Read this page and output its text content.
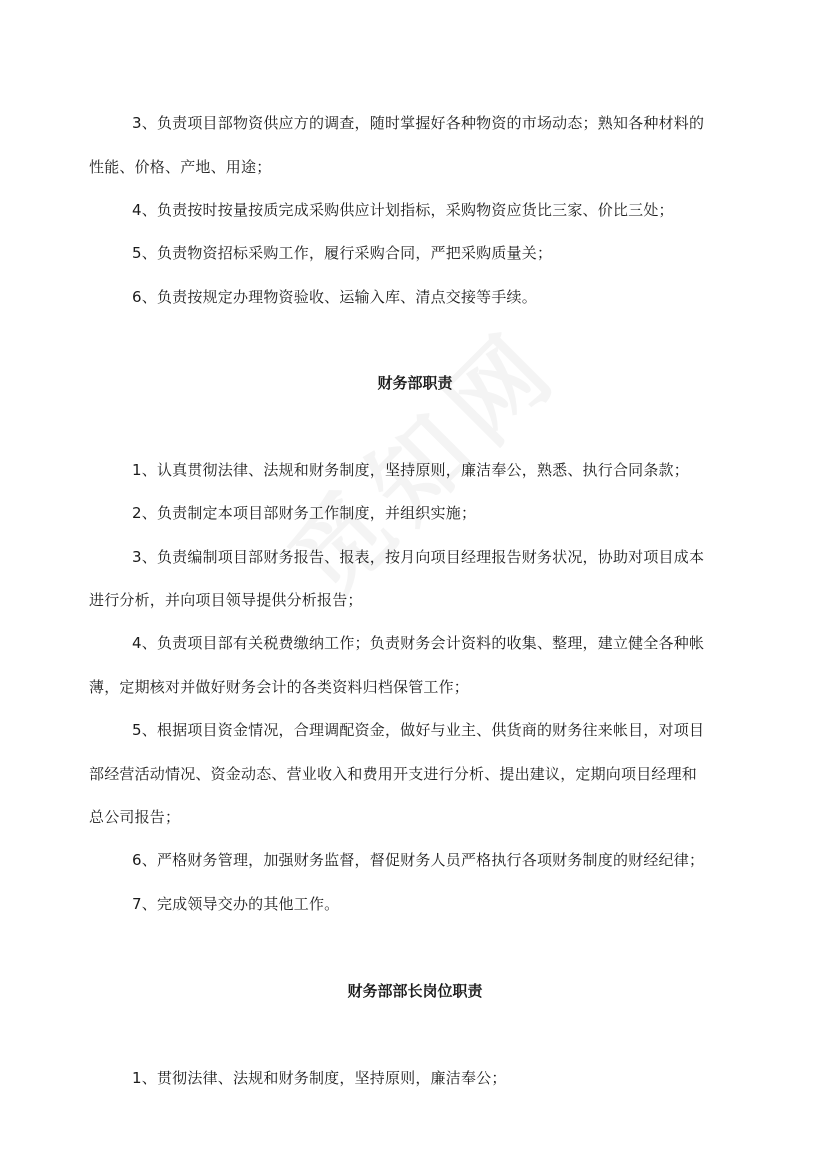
3、负责项目部物资供应方的调查，随时掌握好各种物资的市场动态；熟知各种材料的
性能、价格、产地、用途；
4、负责按时按量按质完成采购供应计划指标，采购物资应货比三家、价比三处；
5、负责物资招标采购工作，履行采购合同，严把采购质量关；
6、负责按规定办理物资验收、运输入库、清点交接等手续。
财务部职责
1、认真贯彻法律、法规和财务制度，坚持原则，廉洁奉公，熟悉、执行合同条款；
2、负责制定本项目部财务工作制度，并组织实施；
3、负责编制项目部财务报告、报表，按月向项目经理报告财务状况，协助对项目成本
进行分析，并向项目领导提供分析报告；
4、负责项目部有关税费缴纳工作；负责财务会计资料的收集、整理，建立健全各种帐
薄，定期核对并做好财务会计的各类资料归档保管工作；
5、根据项目资金情况，合理调配资金，做好与业主、供货商的财务往来帐目，对项目
部经营活动情况、资金动态、营业收入和费用开支进行分析、提出建议，定期向项目经理和
总公司报告；
6、严格财务管理，加强财务监督，督促财务人员严格执行各项财务制度的财经纪律；
7、完成领导交办的其他工作。
财务部部长岗位职责
1、贯彻法律、法规和财务制度，坚持原则，廉洁奉公；
